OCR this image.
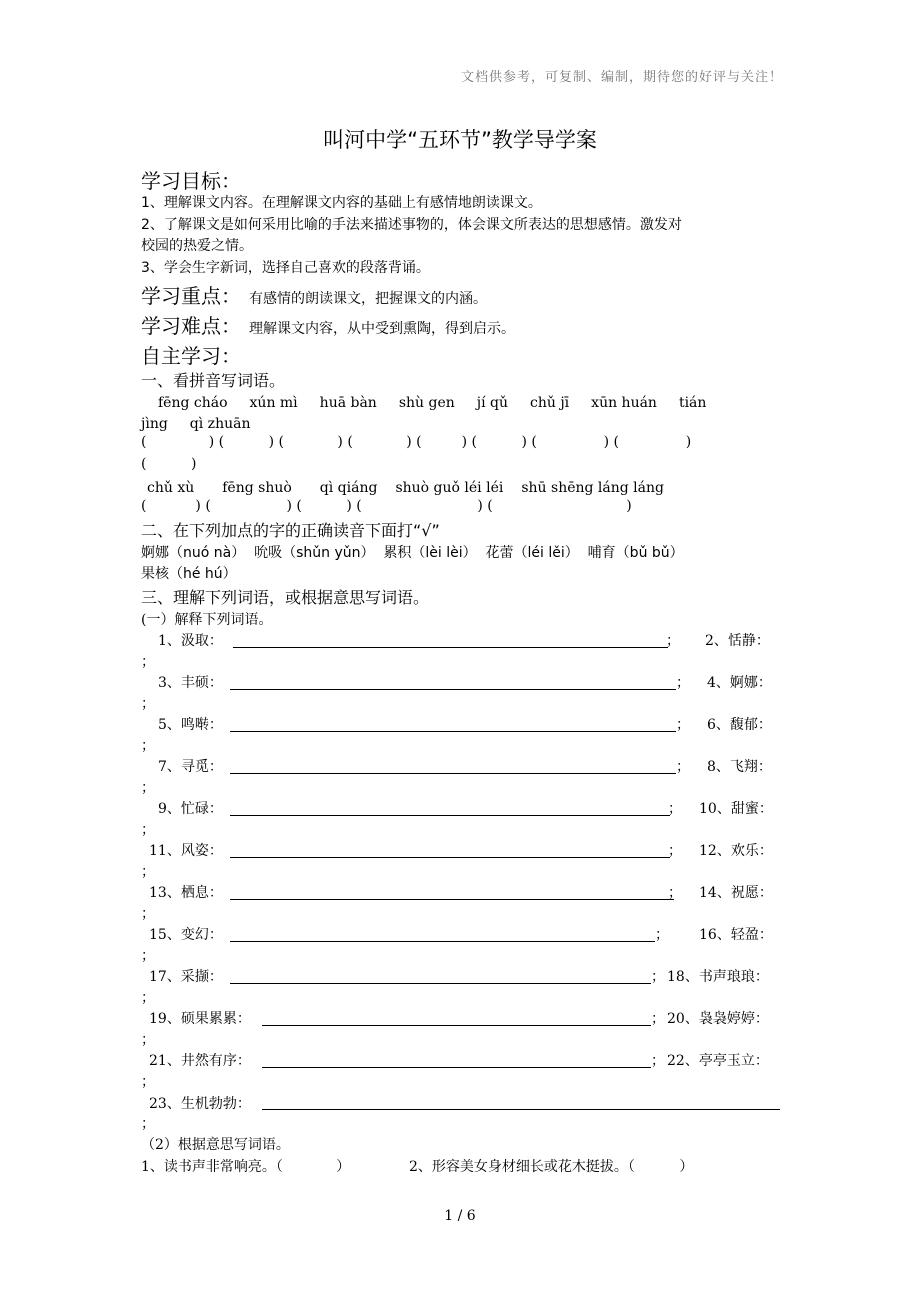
文档供参考，可复制、编制，期待您的好评与关注！
叫河中学“五环节”教学导学案
学习目标：
1、理解课文内容。在理解课文内容的基础上有感情地朗读课文。
2、了解课文是如何采用比喻的手法来描述事物的，体会课文所表达的思想感情。激发对
校园的热爱之情。
3、学会生字新词，选择自己喜欢的段落背诵。
学习重点： 有感情的朗读课文，把握课文的内涵。
学习难点： 理解课文内容，从中受到熏陶，得到启示。
自主学习：
一、看拼音写词语。
fēng cháo xún mì huā bàn shù gen jí qǔ chǔ jī xūn huán tián
jìng qì zhuān
(              ) (          ) (            ) (            ) (         ) (          ) (               ) (               )
(          )
chǔ xù fēng shuò qì qiáng shuò guǒ léi léi shū shēng láng láng
(           ) (                 ) (          ) (                          ) (                              )
二、在下列加点的字的正确读音下面打“√”
婀娜（nuó nà）  吮吸（shǔn yǔn）  累积（lèi lèi）  花蕾（léi lěi）  哺育（bǔ bǔ）
果核（hé hú）
三、理解下列词语，或根据意思写词语。
(一）解释下列词语。
1、汲取：	； 2、恬静：
；
3、丰硕：	； 4、婀娜：
；
5、鸣啭：	； 6、馥郁：
；
7、寻觅：	； 8、飞翔：
；
9、忙碌：	； 10、甜蜜：
；
11、风姿：	； 12、欢乐：
；
13、栖息：	； 14、祝愿：
；
15、变幻：	； 16、轻盈：
；
17、采撷：	； 18、书声琅琅：
；
19、硕果累累：	； 20、袅袅婷婷：
；
21、井然有序：	； 22、亭亭玉立：
；
23、生机勃勃：
；
（2）根据意思写词语。
1、读书声非常响亮。（            ）	2、形容美女身材细长或花木挺拔。（          ）
1 / 6
